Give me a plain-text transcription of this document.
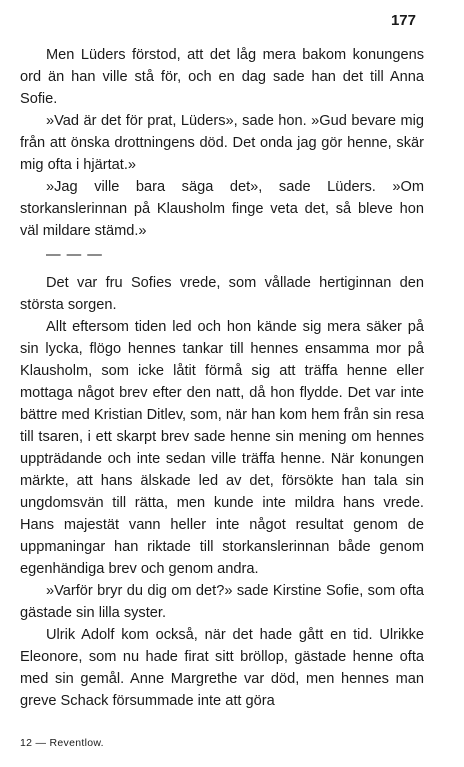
177

Men Lüders förstod, att det låg mera bakom konungens ord än han ville stå för, och en dag sade han det till Anna Sofie.

»Vad är det för prat, Lüders», sade hon. »Gud bevare mig från att önska drottningens död. Det onda jag gör henne, skär mig ofta i hjärtat.»

»Jag ville bara säga det», sade Lüders. »Om storkanslerinnan på Klausholm finge veta det, så bleve hon väl mildare stämd.»

— — —

Det var fru Sofies vrede, som vållade hertiginnan den största sorgen.

Allt eftersom tiden led och hon kände sig mera säker på sin lycka, flögo hennes tankar till hennes ensamma mor på Klausholm, som icke låtit förmå sig att träffa henne eller mottaga något brev efter den natt, då hon flydde. Det var inte bättre med Kristian Ditlev, som, när han kom hem från sin resa till tsaren, i ett skarpt brev sade henne sin mening om hennes uppträdande och inte sedan ville träffa henne. När konungen märkte, att hans älskade led av det, försökte han tala sin ungdomsvän till rätta, men kunde inte mildra hans vrede. Hans majestät vann heller inte något resultat genom de uppmaningar han riktade till storkanslerinnan både genom egenhändiga brev och genom andra.

»Varför bryr du dig om det?» sade Kirstine Sofie, som ofta gästade sin lilla syster.

Ulrik Adolf kom också, när det hade gått en tid. Ulrikke Eleonore, som nu hade firat sitt bröllop, gästade henne ofta med sin gemål. Anne Margrethe var död, men hennes man greve Schack försummade inte att göra

12 — Reventlow.
